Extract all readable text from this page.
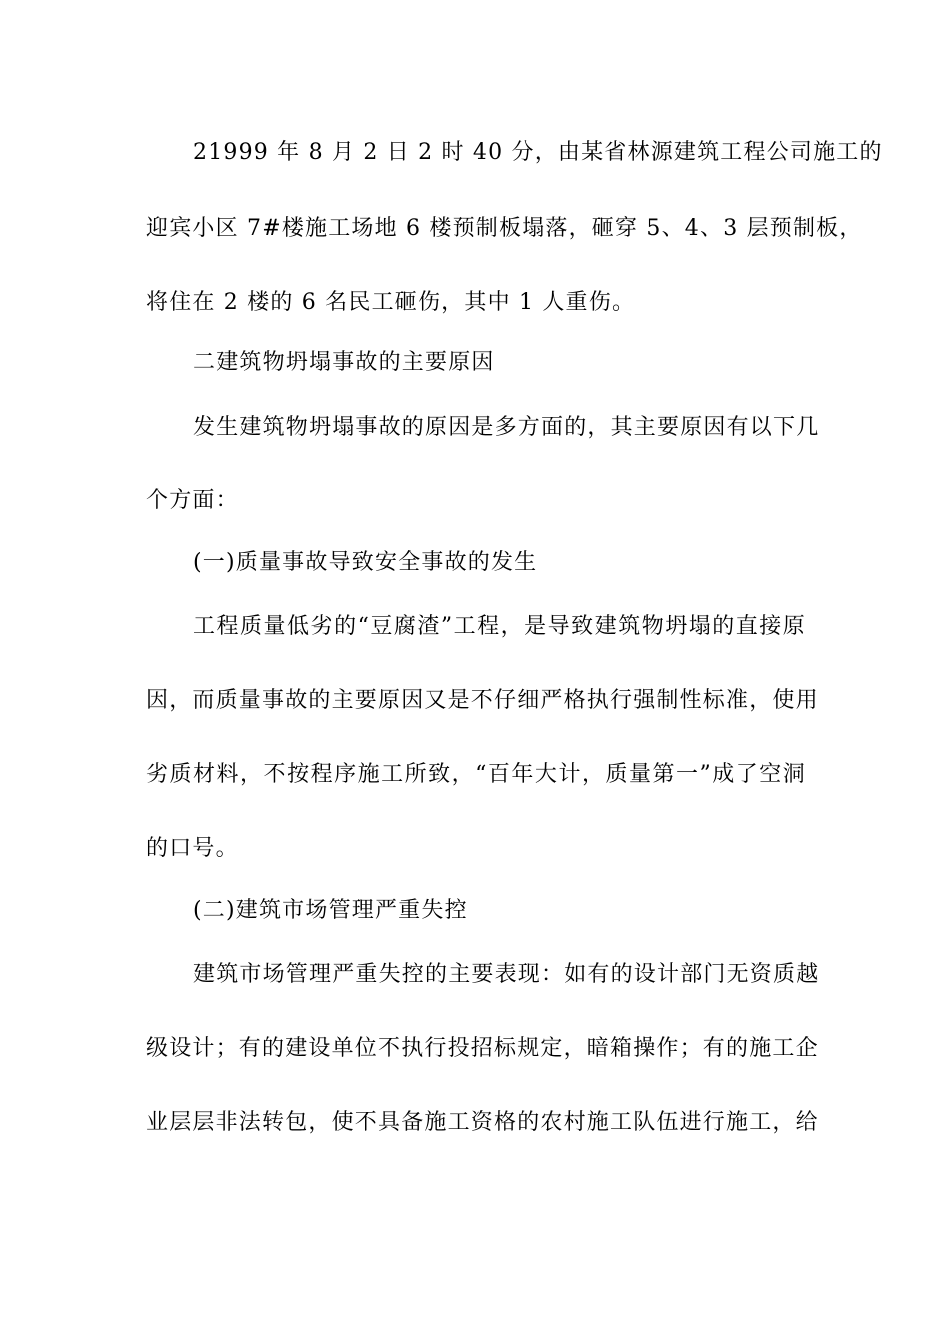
21999 年 8 月 2 日 2 时 40 分，由某省林源建筑工程公司施工的
迎宾小区 7#楼施工场地 6 楼预制板塌落，砸穿 5、4、3 层预制板，
将住在 2 楼的 6 名民工砸伤，其中 1 人重伤。
二建筑物坍塌事故的主要原因
发生建筑物坍塌事故的原因是多方面的，其主要原因有以下几
个方面：
(一)质量事故导致安全事故的发生
工程质量低劣的“豆腐渣”工程，是导致建筑物坍塌的直接原
因，而质量事故的主要原因又是不仔细严格执行强制性标准，使用
劣质材料，不按程序施工所致，“百年大计，质量第一”成了空洞
的口号。
(二)建筑市场管理严重失控
建筑市场管理严重失控的主要表现：如有的设计部门无资质越
级设计；有的建设单位不执行投招标规定，暗箱操作；有的施工企
业层层非法转包，使不具备施工资格的农村施工队伍进行施工，给
